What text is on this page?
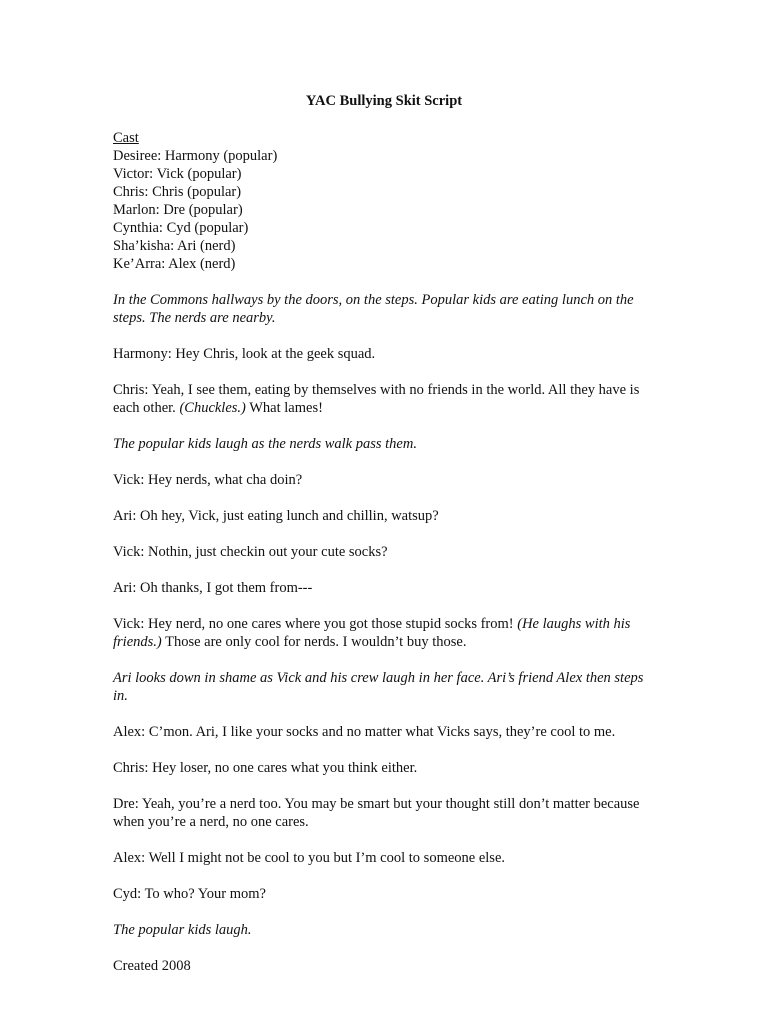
YAC Bullying Skit Script
Cast
Desiree: Harmony (popular)
Victor: Vick (popular)
Chris: Chris (popular)
Marlon: Dre (popular)
Cynthia: Cyd (popular)
Sha’kisha: Ari (nerd)
Ke’Arra: Alex (nerd)

In the Commons hallways by the doors, on the steps. Popular kids are eating lunch on the steps. The nerds are nearby.

Harmony: Hey Chris, look at the geek squad.

Chris: Yeah, I see them, eating by themselves with no friends in the world. All they have is each other. (Chuckles.) What lames!

The popular kids laugh as the nerds walk pass them.

Vick: Hey nerds, what cha doin?

Ari: Oh hey, Vick, just eating lunch and chillin, watsup?

Vick: Nothin, just checkin out your cute socks?

Ari: Oh thanks, I got them from---

Vick: Hey nerd, no one cares where you got those stupid socks from! (He laughs with his friends.) Those are only cool for nerds. I wouldn’t buy those.

Ari looks down in shame as Vick and his crew laugh in her face. Ari’s friend Alex then steps in.

Alex: C’mon. Ari, I like your socks and no matter what Vicks says, they’re cool to me.

Chris: Hey loser, no one cares what you think either.

Dre: Yeah, you’re a nerd too. You may be smart but your thought still don’t matter because when you’re a nerd, no one cares.

Alex: Well I might not be cool to you but I’m cool to someone else.

Cyd: To who? Your mom?

The popular kids laugh.

Created 2008
